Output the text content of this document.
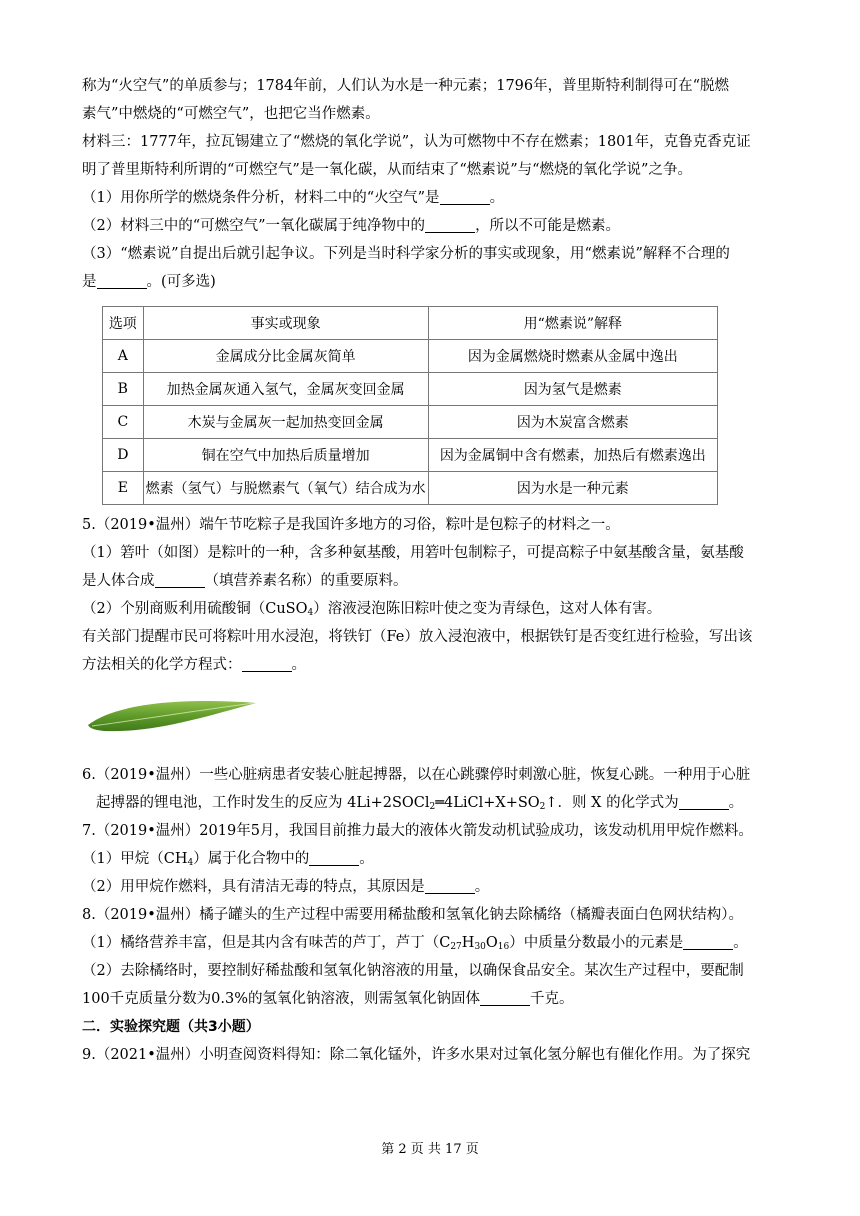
称为“火空气”的单质参与；1784年前，人们认为水是一种元素；1796年，普里斯特利制得可在“脱燃
素气”中燃烧的“可燃空气”，也把它当作燃素。
材料三：1777年，拉瓦锡建立了“燃烧的氧化学说”，认为可燃物中不存在燃素；1801年，克鲁克香克证
明了普里斯特利所谓的“可燃空气”是一氧化碳，从而结束了“燃素说”与“燃烧的氧化学说”之争。
（1）用你所学的燃烧条件分析，材料二中的“火空气”是	。
（2）材料三中的“可燃空气”一氧化碳属于纯净物中的	，所以不可能是燃素。
（3）“燃素说”自提出后就引起争议。下列是当时科学家分析的事实或现象，用“燃素说”解释不合理的
是	。(可多选)
选项	事实或现象	用“燃素说”解释
A	金属成分比金属灰简单	因为金属燃烧时燃素从金属中逸出
B	加热金属灰通入氢气，金属灰变回金属	因为氢气是燃素
C	木炭与金属灰一起加热变回金属	因为木炭富含燃素
D	铜在空气中加热后质量增加	因为金属铜中含有燃素，加热后有燃素逸出
E	燃素（氢气）与脱燃素气（氧气）结合成为水	因为水是一种元素
5.（2019•温州）端午节吃粽子是我国许多地方的习俗，粽叶是包粽子的材料之一。
（1）箬叶（如图）是粽叶的一种，含多种氨基酸，用箬叶包制粽子，可提高粽子中氨基酸含量，氨基酸
是人体合成	（填营养素名称）的重要原料。
（2）个别商贩利用硫酸铜（CuSO$_4$）溶液浸泡陈旧粽叶使之变为青绿色，这对人体有害。
有关部门提醒市民可将粽叶用水浸泡，将铁钉（Fe）放入浸泡液中，根据铁钉是否变红进行检验，写出该
方法相关的化学方程式：	。
6.（2019•温州）一些心脏病患者安装心脏起搏器，以在心跳骤停时刺激心脏，恢复心跳。一种用于心脏
起搏器的锂电池，工作时发生的反应为 $4Li+2SOCl_2═4LiCl+X+SO_2↑$．则 X 的化学式为	。
7.（2019•温州）2019年5月，我国目前推力最大的液体火箭发动机试验成功，该发动机用甲烷作燃料。
（1）甲烷$(CH_4)$属于化合物中的	。
（2）用甲烷作燃料，具有清洁无毒的特点，其原因是	。
8.（2019•温州）橘子罐头的生产过程中需要用稀盐酸和氢氧化钠去除橘络（橘瓣表面白色网状结构）。
（1）橘络营养丰富，但是其内含有味苦的芦丁，芦丁$(C_{27}H_{30}O_{16})$中质量分数最小的元素是	。
（2）去除橘络时，要控制好稀盐酸和氢氧化钠溶液的用量，以确保食品安全。某次生产过程中，要配制
100千克质量分数为0.3%的氢氧化钠溶液，则需氢氧化钠固体	千克。
二．实验探究题（共3小题）
9.（2021•温州）小明查阅资料得知：除二氧化锰外，许多水果对过氧化氢分解也有催化作用。为了探究
第 2 页 共 17 页
